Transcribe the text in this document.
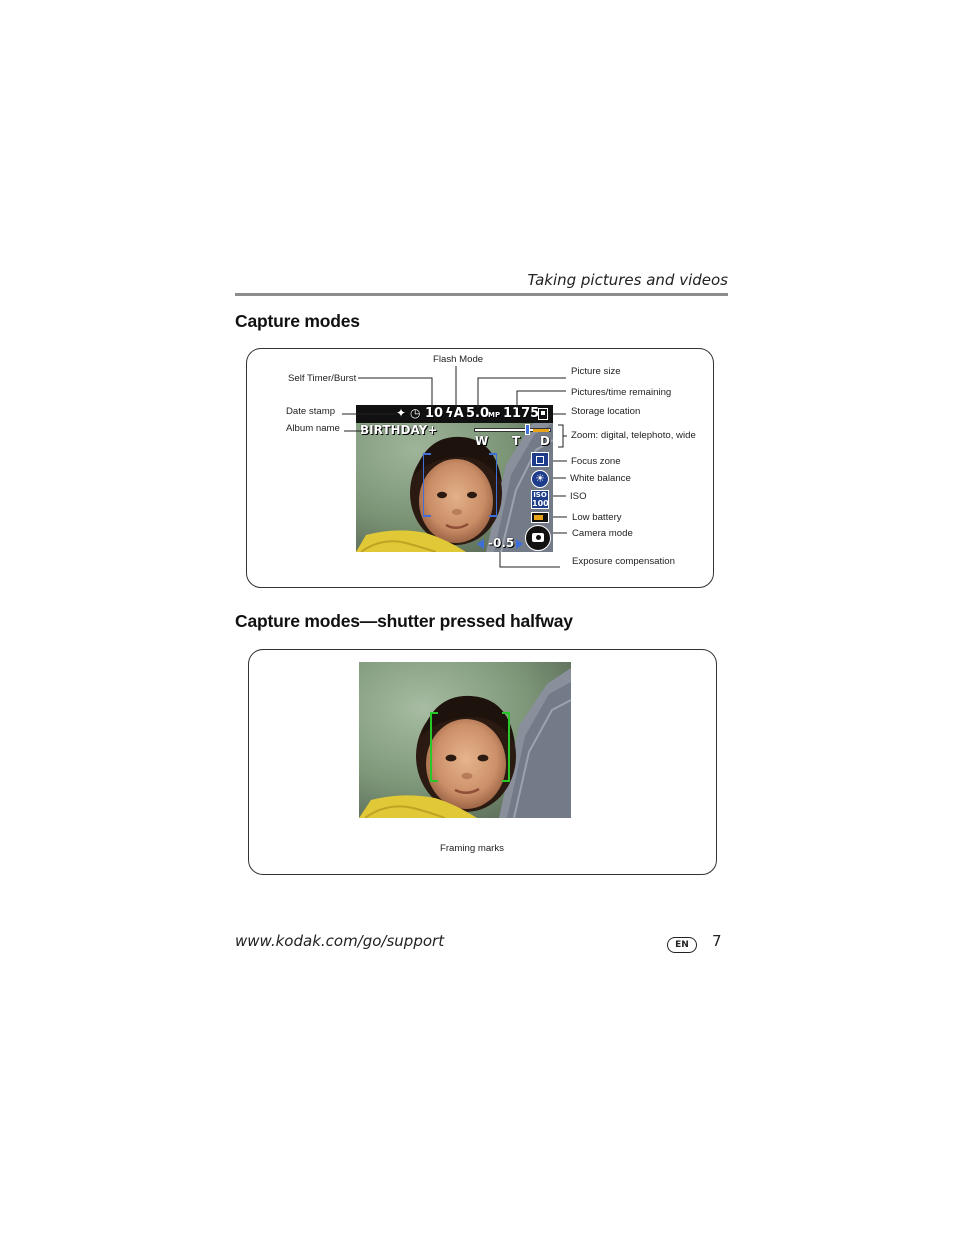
Taking pictures and videos
Capture modes
✦ ◷ 10 ϟA 5.0
MP 1175
BIRTHDAY+
W T D
☀
ISO
100
-0.5
Flash Mode
Self Timer/Burst
Date stamp
Album name
Picture size
Pictures/time remaining
Storage location
Zoom: digital, telephoto, wide
Focus zone
White balance
ISO
Low battery
Camera mode
Exposure compensation
Capture modes—shutter pressed halfway
Framing marks
www.kodak.com/go/support	EN	7
